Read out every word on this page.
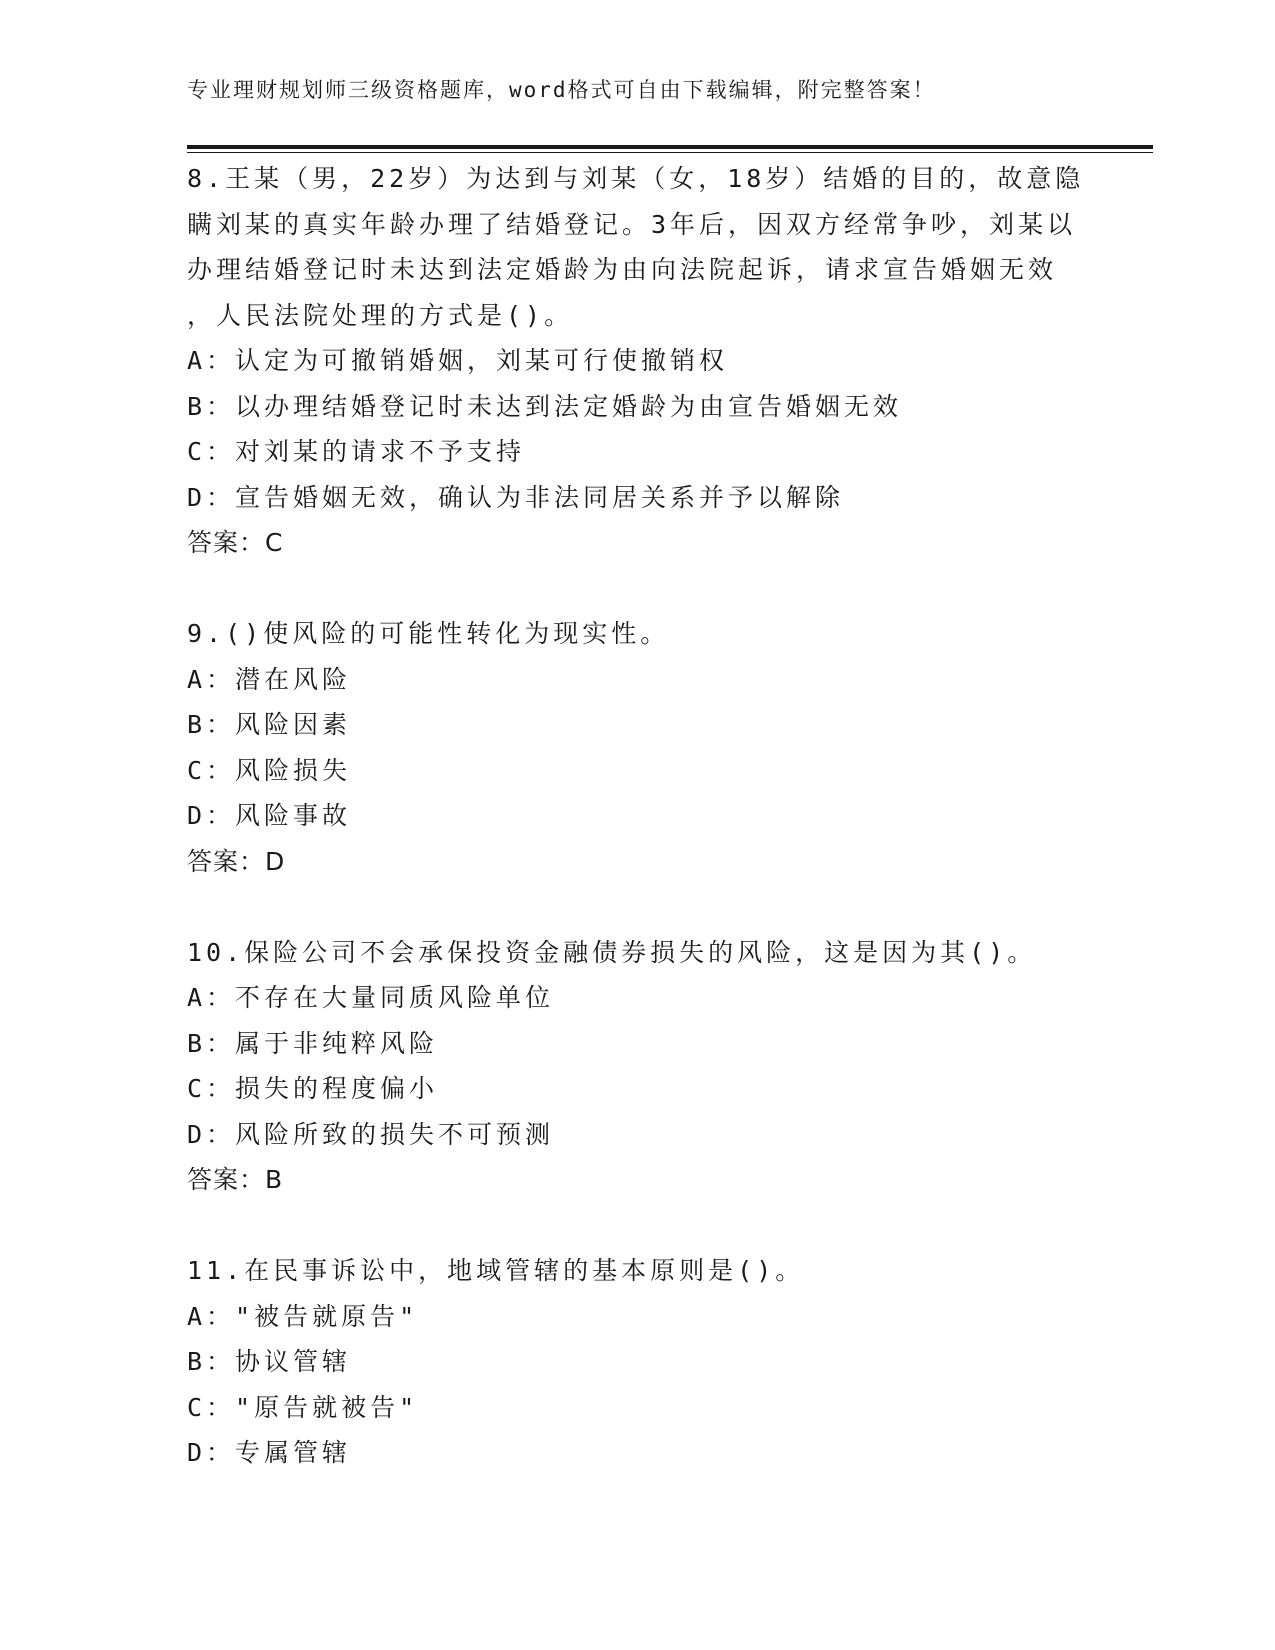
专业理财规划师三级资格题库，word格式可自由下载编辑，附完整答案！

8.王某（男，22岁）为达到与刘某（女，18岁）结婚的目的，故意隐
瞒刘某的真实年龄办理了结婚登记。3年后，因双方经常争吵，刘某以
办理结婚登记时未达到法定婚龄为由向法院起诉，请求宣告婚姻无效
，人民法院处理的方式是()。

A：认定为可撤销婚姻，刘某可行使撤销权

B：以办理结婚登记时未达到法定婚龄为由宣告婚姻无效

C：对刘某的请求不予支持

D：宣告婚姻无效，确认为非法同居关系并予以解除

答案：C

9.()使风险的可能性转化为现实性。

A：潜在风险

B：风险因素

C：风险损失

D：风险事故

答案：D

10.保险公司不会承保投资金融债券损失的风险，这是因为其()。

A：不存在大量同质风险单位

B：属于非纯粹风险

C：损失的程度偏小

D：风险所致的损失不可预测

答案：B

11.在民事诉讼中，地域管辖的基本原则是()。

A："被告就原告"

B：协议管辖

C："原告就被告"

D：专属管辖
